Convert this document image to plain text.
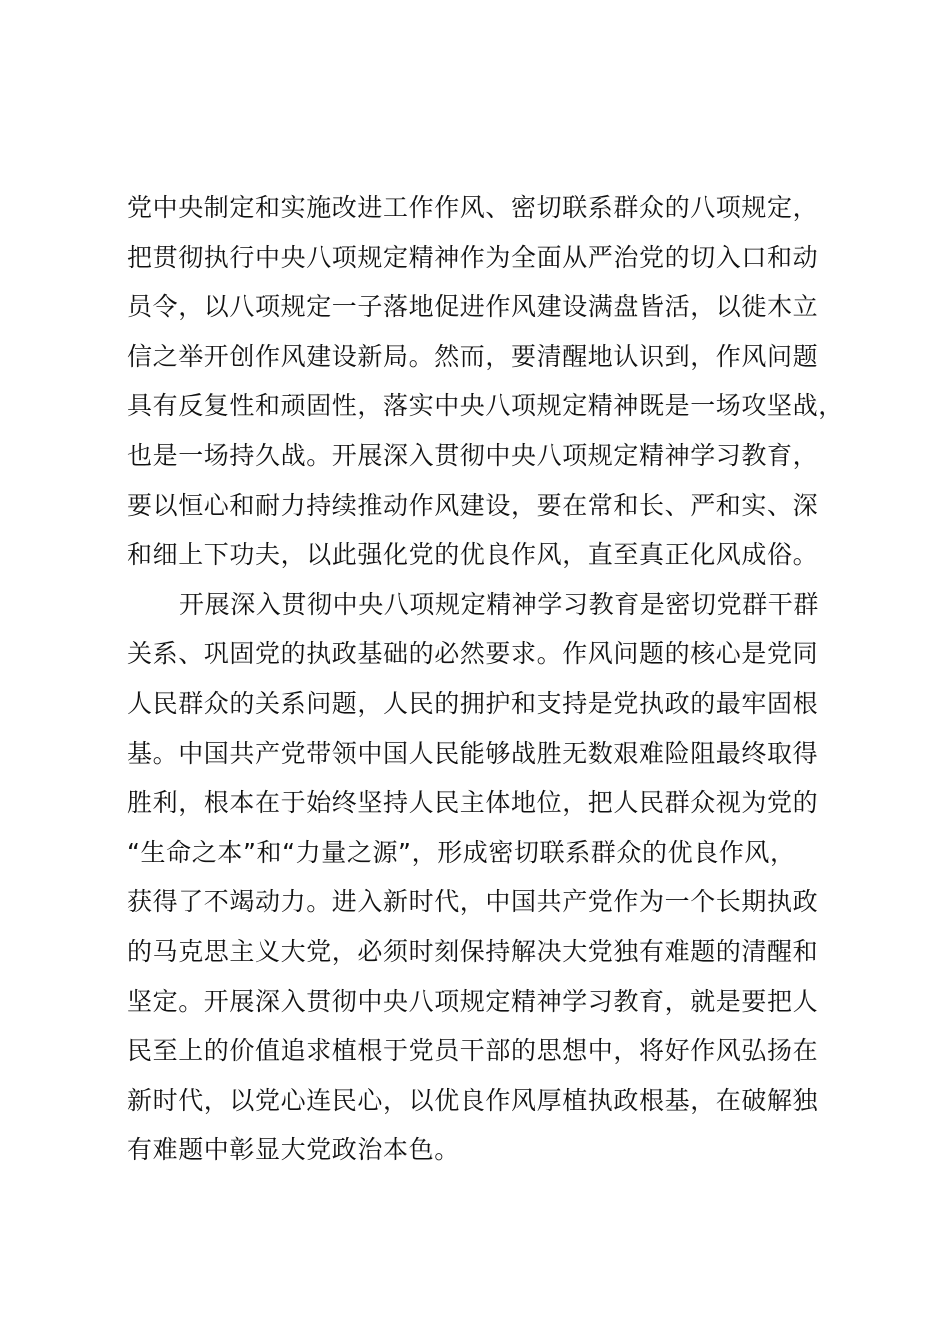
党中央制定和实施改进工作作风、密切联系群众的八项规定，
把贯彻执行中央八项规定精神作为全面从严治党的切入口和动
员令，以八项规定一子落地促进作风建设满盘皆活，以徙木立
信之举开创作风建设新局。然而，要清醒地认识到，作风问题
具有反复性和顽固性，落实中央八项规定精神既是一场攻坚战，
也是一场持久战。开展深入贯彻中央八项规定精神学习教育，
要以恒心和耐力持续推动作风建设，要在常和长、严和实、深
和细上下功夫，以此强化党的优良作风，直至真正化风成俗。
开展深入贯彻中央八项规定精神学习教育是密切党群干群
关系、巩固党的执政基础的必然要求。作风问题的核心是党同
人民群众的关系问题，人民的拥护和支持是党执政的最牢固根
基。中国共产党带领中国人民能够战胜无数艰难险阻最终取得
胜利，根本在于始终坚持人民主体地位，把人民群众视为党的
“生命之本”和“力量之源”，形成密切联系群众的优良作风，
获得了不竭动力。进入新时代，中国共产党作为一个长期执政
的马克思主义大党，必须时刻保持解决大党独有难题的清醒和
坚定。开展深入贯彻中央八项规定精神学习教育，就是要把人
民至上的价值追求植根于党员干部的思想中，将好作风弘扬在
新时代，以党心连民心，以优良作风厚植执政根基，在破解独
有难题中彰显大党政治本色。
